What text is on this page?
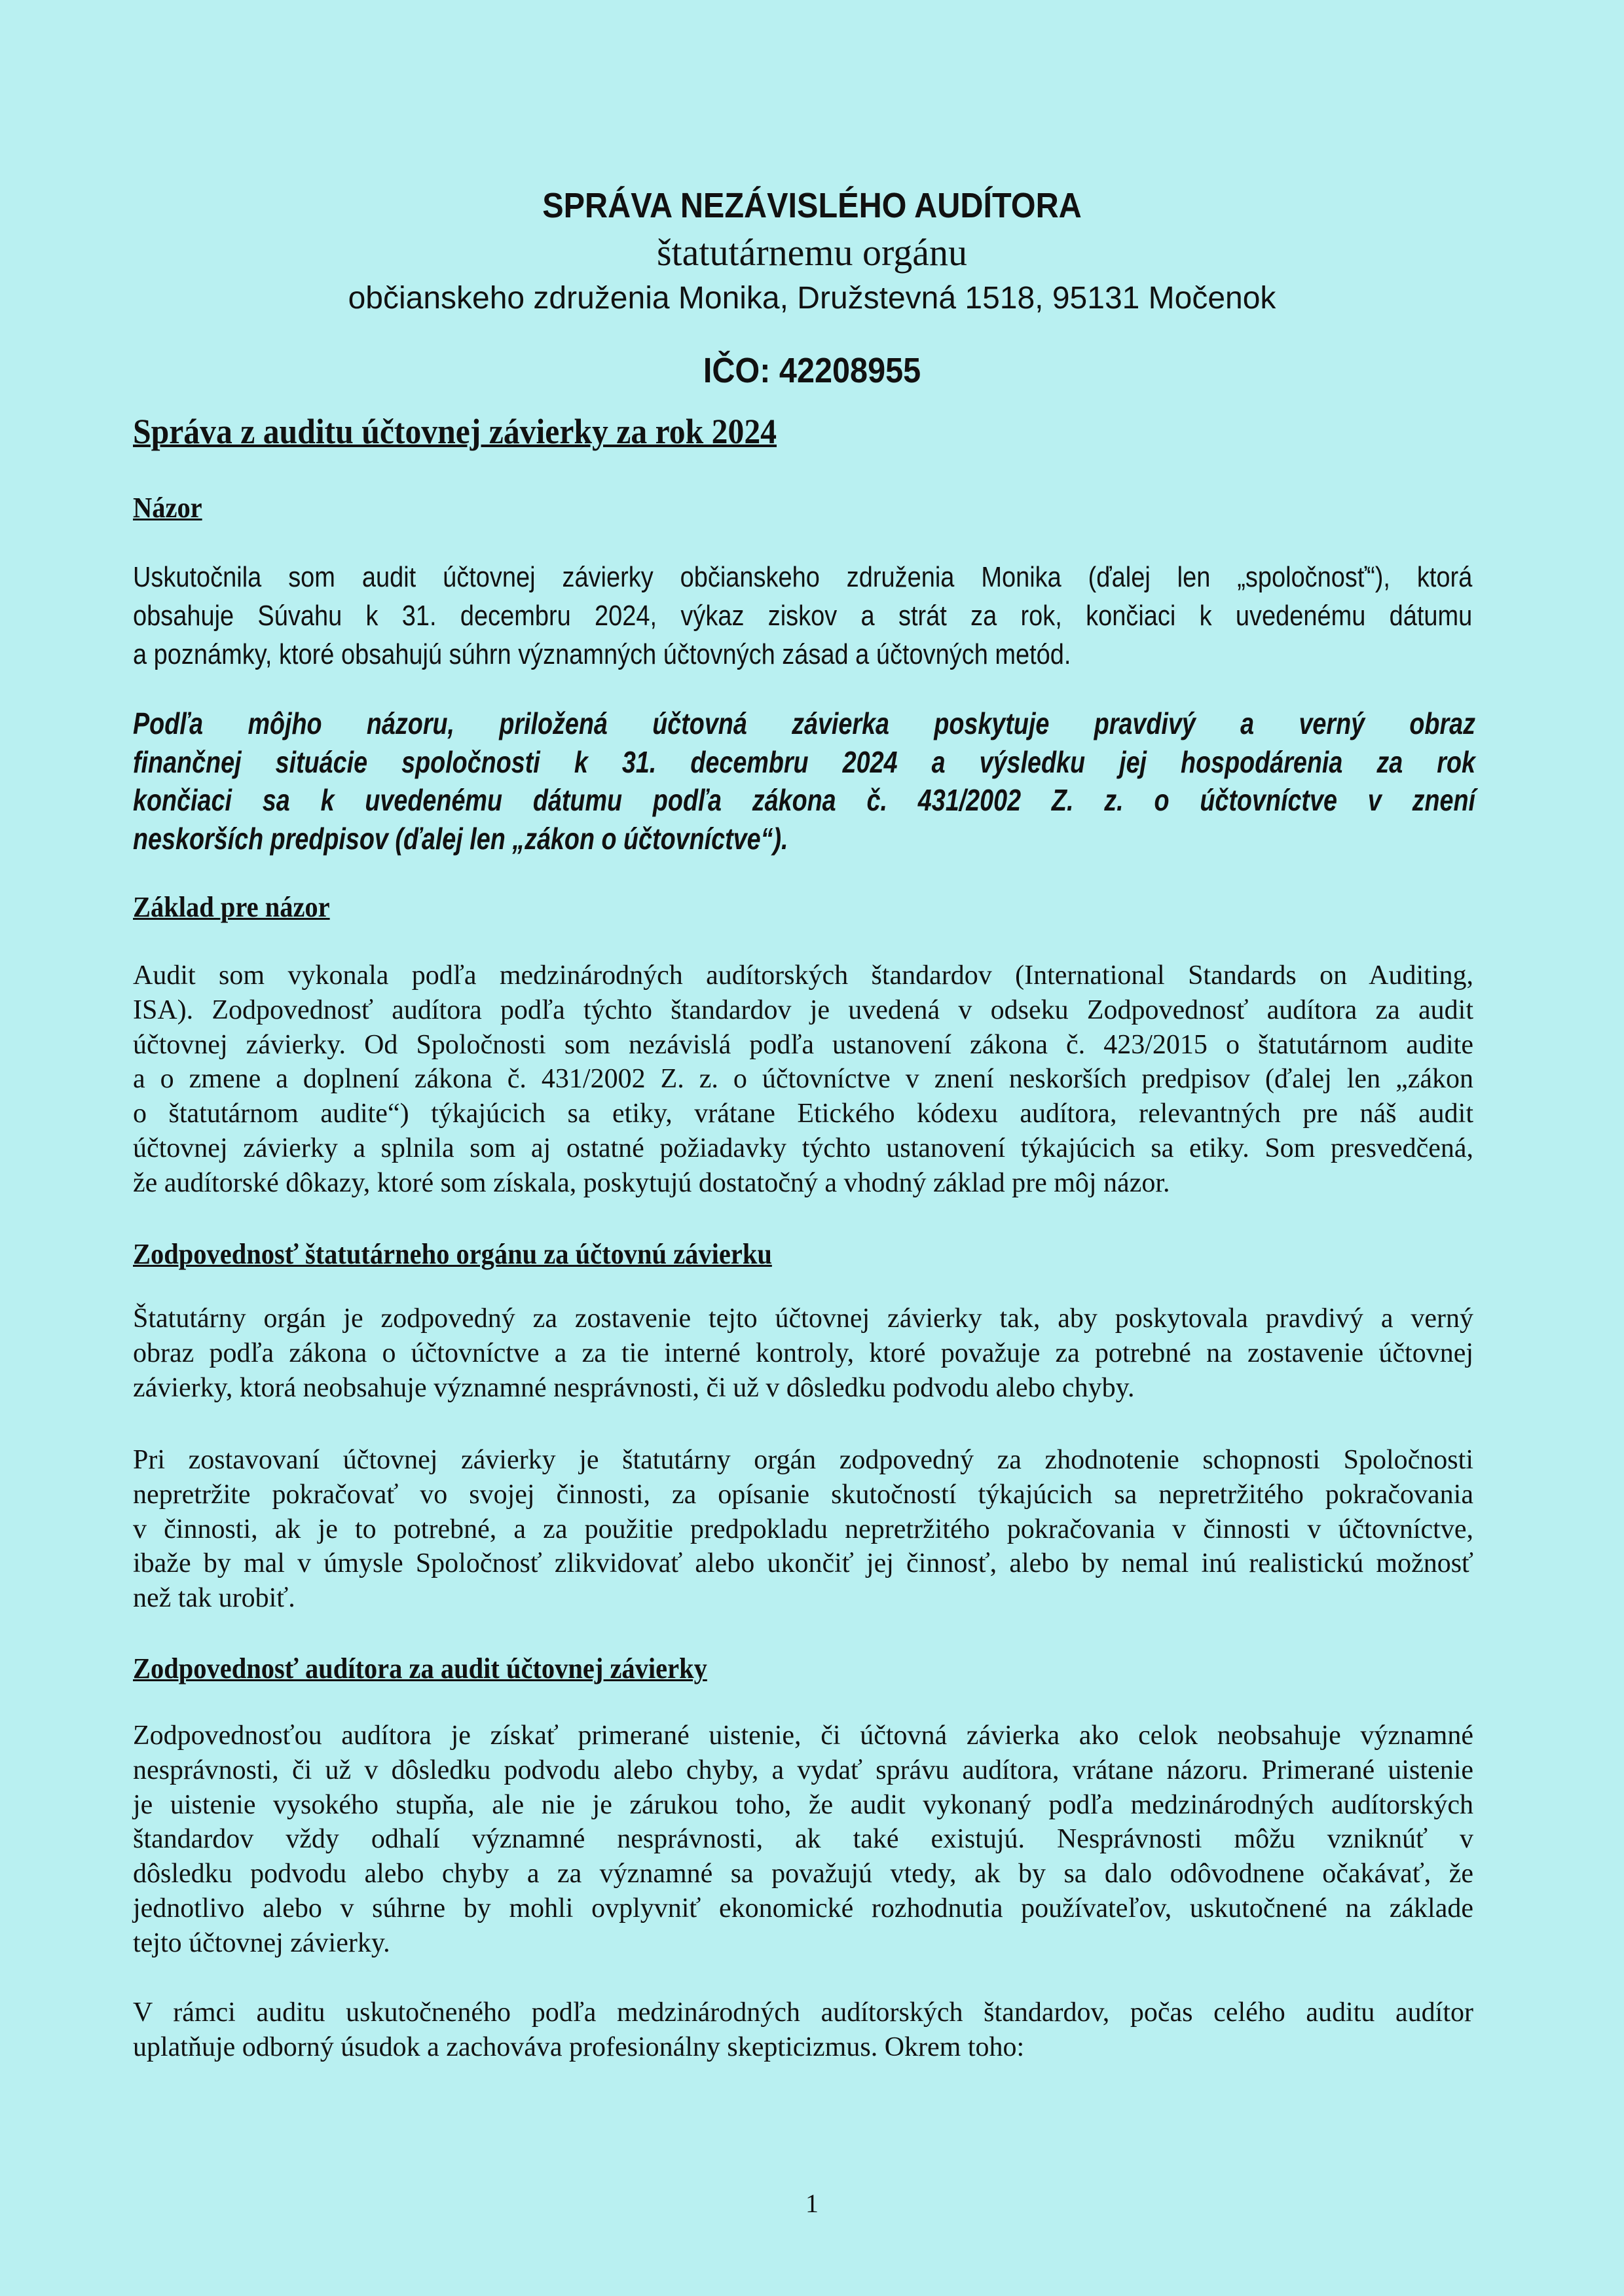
SPRÁVA NEZÁVISLÉHO AUDÍTORA
štatutárnemu orgánu
občianskeho združenia Monika, Družstevná 1518, 95131 Močenok
IČO: 42208955
Správa z auditu účtovnej závierky za rok 2024
Názor
Uskutočnila som audit účtovnej závierky občianskeho združenia Monika (ďalej len „spoločnosť“), ktorá
obsahuje Súvahu k 31. decembru 2024, výkaz ziskov a strát za rok, končiaci k uvedenému dátumu
a poznámky, ktoré obsahujú súhrn významných účtovných zásad a účtovných metód.
Podľa môjho názoru, priložená účtovná závierka poskytuje pravdivý a verný obraz
finančnej situácie spoločnosti k 31. decembru 2024 a výsledku jej hospodárenia za rok
končiaci sa k uvedenému dátumu podľa zákona č. 431/2002 Z. z. o účtovníctve v znení
neskorších predpisov (ďalej len „zákon o účtovníctve“).
Základ pre názor
Audit som vykonala podľa medzinárodných audítorských štandardov (International Standards on Auditing,
ISA). Zodpovednosť audítora podľa týchto štandardov je uvedená v odseku Zodpovednosť audítora za audit
účtovnej závierky. Od Spoločnosti som nezávislá podľa ustanovení zákona č. 423/2015 o štatutárnom audite
a o zmene a doplnení zákona č. 431/2002 Z. z. o účtovníctve v znení neskorších predpisov (ďalej len „zákon
o štatutárnom audite“) týkajúcich sa etiky, vrátane Etického kódexu audítora, relevantných pre náš audit
účtovnej závierky a splnila som aj ostatné požiadavky týchto ustanovení týkajúcich sa etiky. Som presvedčená,
že audítorské dôkazy, ktoré som získala, poskytujú dostatočný a vhodný základ pre môj názor.
Zodpovednosť štatutárneho orgánu za účtovnú závierku
Štatutárny orgán je zodpovedný za zostavenie tejto účtovnej závierky tak, aby poskytovala pravdivý a verný
obraz podľa zákona o účtovníctve a za tie interné kontroly, ktoré považuje za potrebné na zostavenie účtovnej
závierky, ktorá neobsahuje významné nesprávnosti, či už v dôsledku podvodu alebo chyby.
Pri zostavovaní účtovnej závierky je štatutárny orgán zodpovedný za zhodnotenie schopnosti Spoločnosti
nepretržite pokračovať vo svojej činnosti, za opísanie skutočností týkajúcich sa nepretržitého pokračovania
v činnosti, ak je to potrebné, a za použitie predpokladu nepretržitého pokračovania v činnosti v účtovníctve,
ibaže by mal v úmysle Spoločnosť zlikvidovať alebo ukončiť jej činnosť, alebo by nemal inú realistickú možnosť
než tak urobiť.
Zodpovednosť audítora za audit účtovnej závierky
Zodpovednosťou audítora je získať primerané uistenie, či účtovná závierka ako celok neobsahuje významné
nesprávnosti, či už v dôsledku podvodu alebo chyby, a vydať správu audítora, vrátane názoru. Primerané uistenie
je uistenie vysokého stupňa, ale nie je zárukou toho, že audit vykonaný podľa medzinárodných audítorských
štandardov vždy odhalí významné nesprávnosti, ak také existujú. Nesprávnosti môžu vzniknúť v
dôsledku podvodu alebo chyby a za významné sa považujú vtedy, ak by sa dalo odôvodnene očakávať, že
jednotlivo alebo v súhrne by mohli ovplyvniť ekonomické rozhodnutia používateľov, uskutočnené na základe
tejto účtovnej závierky.
V rámci auditu uskutočneného podľa medzinárodných audítorských štandardov, počas celého auditu audítor
uplatňuje odborný úsudok a zachováva profesionálny skepticizmus. Okrem toho:
1
